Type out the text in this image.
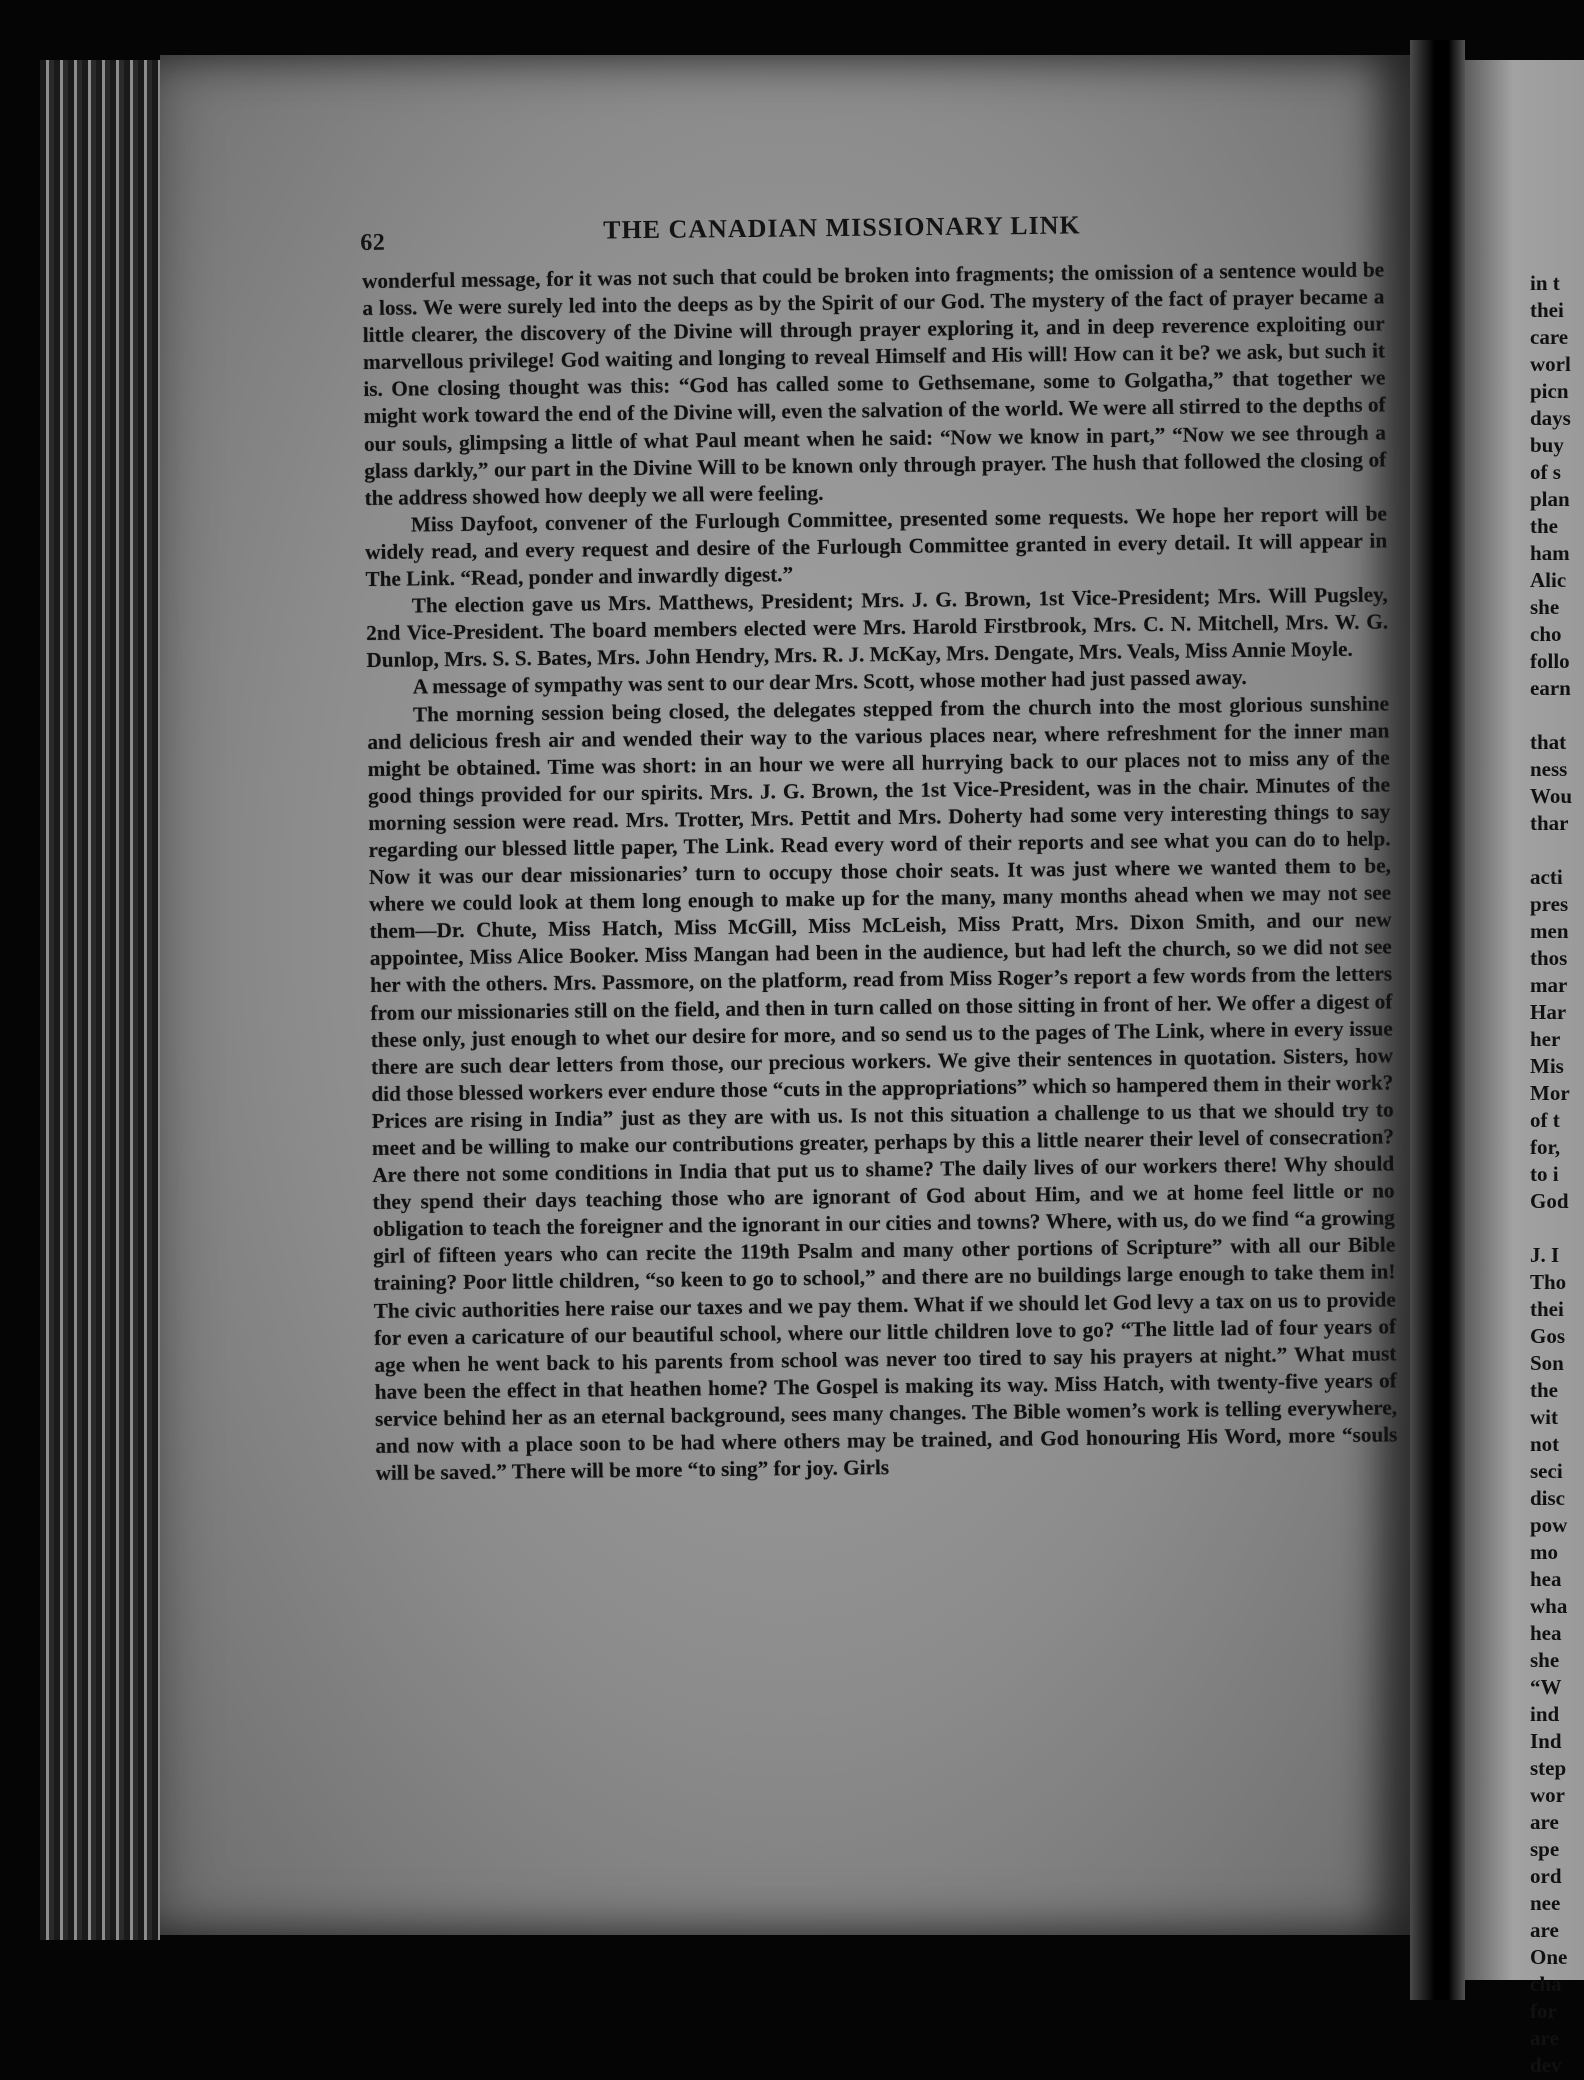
62	THE CANADIAN MISSIONARY LINK

wonderful message, for it was not such that could be broken into fragments; the omission of a sentence would be a loss. We were surely led into the deeps as by the Spirit of our God. The mystery of the fact of prayer became a little clearer, the discovery of the Divine will through prayer exploring it, and in deep reverence exploiting our marvellous privilege! God waiting and longing to reveal Himself and His will! How can it be? we ask, but such it is. One closing thought was this: “God has called some to Gethsemane, some to Golgatha,” that together we might work toward the end of the Divine will, even the salvation of the world. We were all stirred to the depths of our souls, glimpsing a little of what Paul meant when he said: “Now we know in part,” “Now we see through a glass darkly,” our part in the Divine Will to be known only through prayer. The hush that followed the closing of the address showed how deeply we all were feeling.

Miss Dayfoot, convener of the Furlough Committee, presented some requests. We hope her report will be widely read, and every request and desire of the Furlough Committee granted in every detail. It will appear in The Link. “Read, ponder and inwardly digest.”

The election gave us Mrs. Matthews, President; Mrs. J. G. Brown, 1st Vice-President; Mrs. Will Pugsley, 2nd Vice-President. The board members elected were Mrs. Harold Firstbrook, Mrs. C. N. Mitchell, Mrs. W. G. Dunlop, Mrs. S. S. Bates, Mrs. John Hendry, Mrs. R. J. McKay, Mrs. Dengate, Mrs. Veals, Miss Annie Moyle.

A message of sympathy was sent to our dear Mrs. Scott, whose mother had just passed away.

The morning session being closed, the delegates stepped from the church into the most glorious sunshine and delicious fresh air and wended their way to the various places near, where refreshment for the inner man might be obtained. Time was short: in an hour we were all hurrying back to our places not to miss any of the good things provided for our spirits. Mrs. J. G. Brown, the 1st Vice-President, was in the chair. Minutes of the morning session were read. Mrs. Trotter, Mrs. Pettit and Mrs. Doherty had some very interesting things to say regarding our blessed little paper, The Link. Read every word of their reports and see what you can do to help. Now it was our dear missionaries’ turn to occupy those choir seats. It was just where we wanted them to be, where we could look at them long enough to make up for the many, many months ahead when we may not see them—Dr. Chute, Miss Hatch, Miss McGill, Miss McLeish, Miss Pratt, Mrs. Dixon Smith, and our new appointee, Miss Alice Booker. Miss Mangan had been in the audience, but had left the church, so we did not see her with the others. Mrs. Passmore, on the platform, read from Miss Roger’s report a few words from the letters from our missionaries still on the field, and then in turn called on those sitting in front of her. We offer a digest of these only, just enough to whet our desire for more, and so send us to the pages of The Link, where in every issue there are such dear letters from those, our precious workers. We give their sentences in quotation. Sisters, how did those blessed workers ever endure those “cuts in the appropriations” which so hampered them in their work? Prices are rising in India” just as they are with us. Is not this situation a challenge to us that we should try to meet and be willing to make our contributions greater, perhaps by this a little nearer their level of consecration? Are there not some conditions in India that put us to shame? The daily lives of our workers there! Why should they spend their days teaching those who are ignorant of God about Him, and we at home feel little or no obligation to teach the foreigner and the ignorant in our cities and towns? Where, with us, do we find “a growing girl of fifteen years who can recite the 119th Psalm and many other portions of Scripture” with all our Bible training? Poor little children, “so keen to go to school,” and there are no buildings large enough to take them in! The civic authorities here raise our taxes and we pay them. What if we should let God levy a tax on us to provide for even a caricature of our beautiful school, where our little children love to go? “The little lad of four years of age when he went back to his parents from school was never too tired to say his prayers at night.” What must have been the effect in that heathen home? The Gospel is making its way. Miss Hatch, with twenty-five years of service behind her as an eternal background, sees many changes. The Bible women’s work is telling everywhere, and now with a place soon to be had where others may be trained, and God honouring His Word, more “souls will be saved.” There will be more “to sing” for joy. Girls

in t
thei
care
worl
picn
days
buy
of s
plan
the
ham
Alic
she
cho
follo
earn
that
ness
Wou
thar
acti
pres
men
thos
mar
Har
her
Mis
Mor
of t
for,
to i
God
J. I
Tho
thei
Gos
Son
the
wit
not
seci
disc
pow
mo
hea
wha
hea
she
“W
ind
Ind
step
wor
are
spe
ord
nee
are
One
cha
for
are
dev
